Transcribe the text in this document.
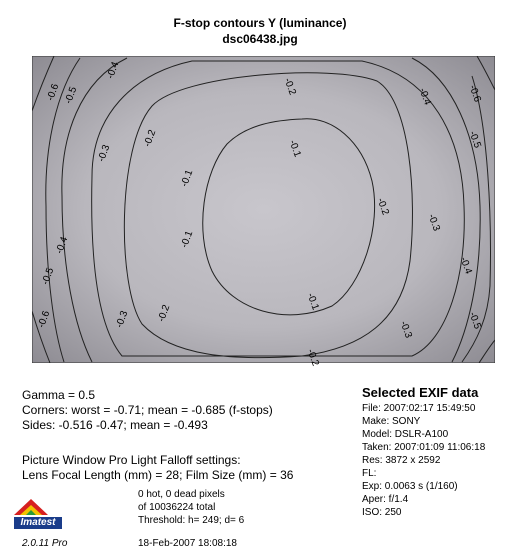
F-stop contours Y (luminance)
dsc06438.jpg
-0.6 -0.5
-0.4
-0.3
-0.2
-0.2
-0.1
-0.1
-0.1
-0.4
-0.5
-0.6	-0.3	-0.2
-0.1
-0.2
-0.2
-0.3
-0.3
-0.4
-0.4
-0.5
-0.5
-0.6
Gamma = 0.5
Corners: worst = -0.71; mean = -0.685 (f-stops)
Sides: -0.516 -0.47; mean = -0.493
Picture Window Pro Light Falloff settings:
Lens Focal Length (mm) = 28; Film Size (mm) = 36
0 hot, 0 dead pixels
of 10036224 total
Threshold: h= 249; d= 6
18-Feb-2007 18:08:18
Selected EXIF data
File: 2007:02:17 15:49:50
Make: SONY
Model: DSLR-A100
Taken: 2007:01:09 11:06:18
Res: 3872 x 2592
FL:
Exp: 0.0063 s (1/160)
Aper: f/1.4
ISO: 250
Imatest
2.0.11 Pro
